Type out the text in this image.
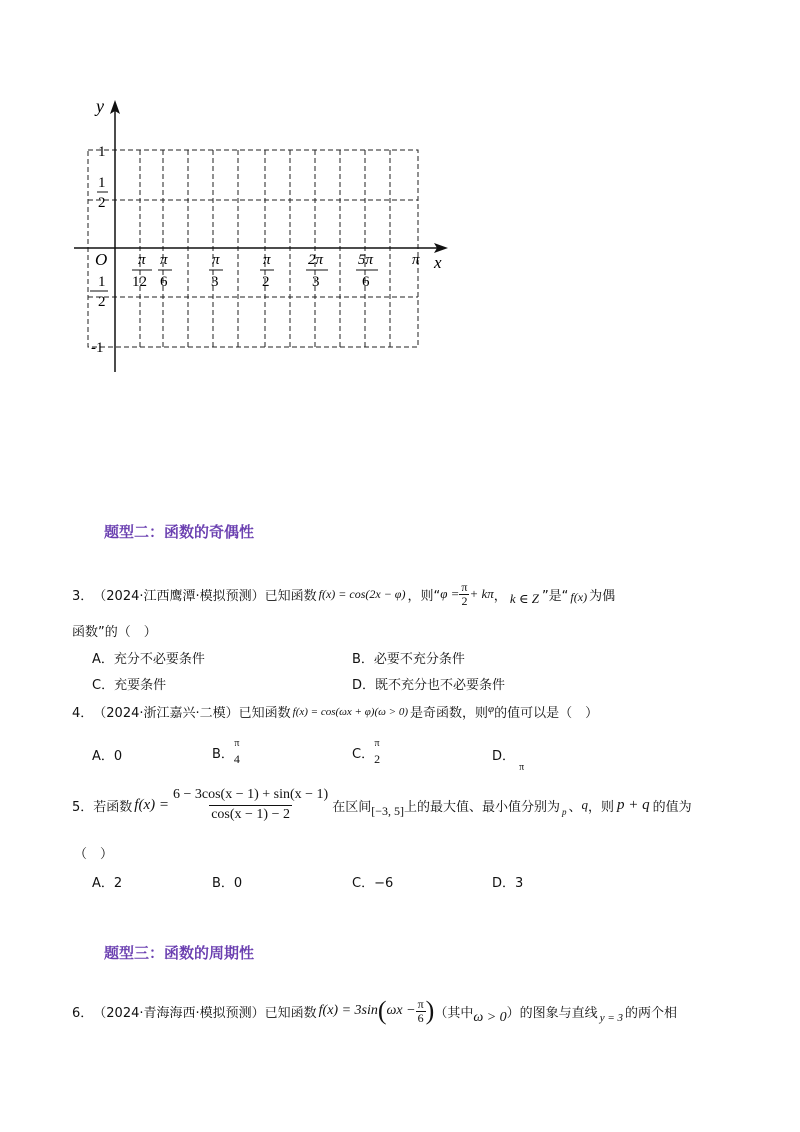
y
x
O
1
1
2
1
2
-1
π
12
π
6
π
3
π
2
2π
3
5π
6
π
题型二：函数的奇偶性
3． （2024·江西鹰潭·模拟预测）已知函数 f(x) = cos(2x − φ) ，则“ $\varphi = \frac{\pi}{2} + k\pi$ ， k ∈ Z ”是“ f(x) 为偶
函数”的（　）
A．充分不必要条件	B．必要不充分条件
C．充要条件	D．既不充分也不必要条件
4． （2024·浙江嘉兴·二模）已知函数 f(x) = cos(ωx + φ)(ω > 0) 是奇函数，则 φ 的值可以是（　）
A．0	B．
π
4	C．
π
2	D． $_\pi$
5．若函数 $f(x) = \frac{6 - 3\cos(x - 1) + \sin(x - 1)}{\cos(x - 1) - 2}$ 在区间 [−3, 5] 上的最大值、最小值分别为 p 、 q ，则 p + q 的值为
（　）
A．2	B．0	C．−6	D．3
题型三：函数的周期性
6． （2024·青海海西·模拟预测）已知函数 f(x) = 3sin ( $\omega x - \frac{\pi}{6}$ ) （其中 ω > 0 ）的图象与直线 y = 3 的两个相
